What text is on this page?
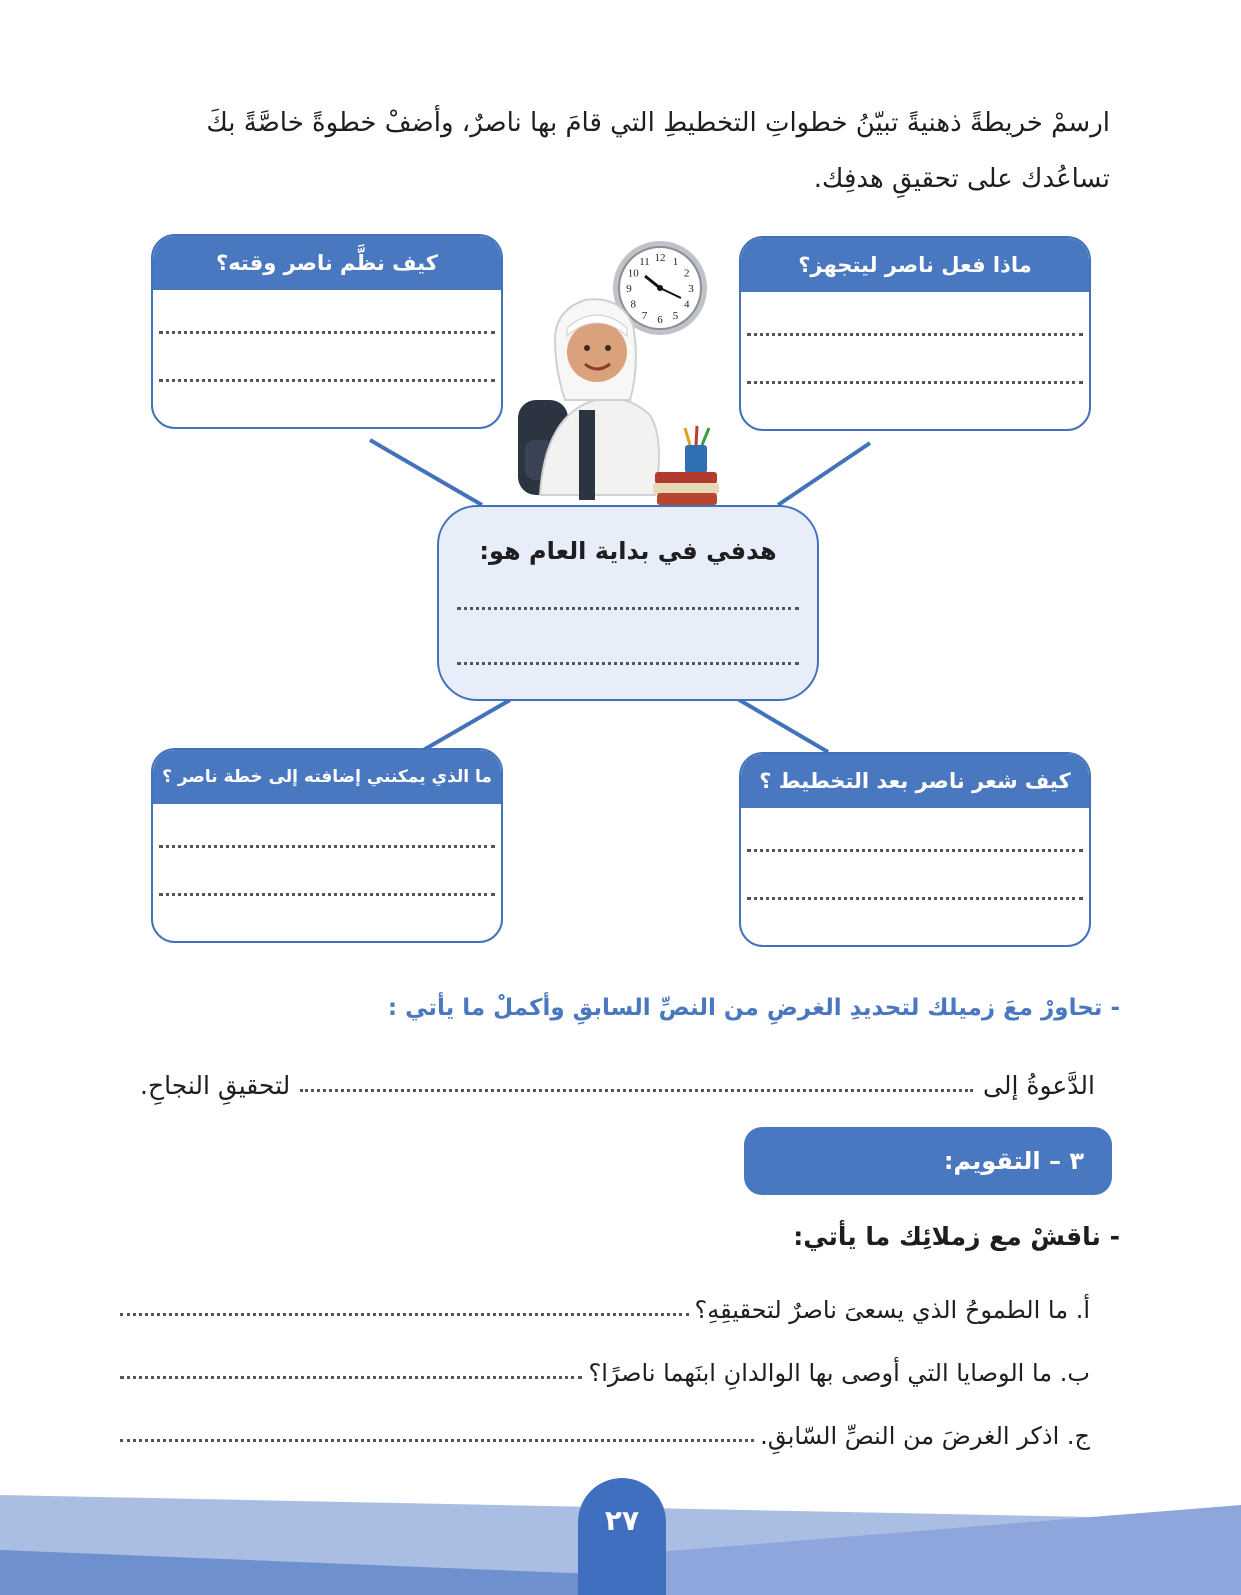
ارسمْ خريطةً ذهنيةً تبيّنُ خطواتِ التخطيطِ التي قامَ بها ناصرٌ، وأضفْ خطوةً خاصَّةً بكَ تساعُدك على تحقيقِ هدفِك.
كيف نظَّم ناصر وقته؟	ماذا فعل ناصر ليتجهز؟
ما الذي يمكنني إضافته إلى خطة ناصر ؟	كيف شعر ناصر بعد التخطيط ؟
هدفي في بداية العام هو:
12 1
2
3
4
5
6
7
8
9
10
11
- تحاورْ معَ زميلك لتحديدِ الغرضِ من النصِّ السابقِ وأكملْ ما يأتي :
الدَّعوةُ إلى
لتحقيقِ النجاحِ.
٣ – التقويم:
- ناقشْ مع زملائِك ما يأتي:
أ. ما الطموحُ الذي يسعىَ ناصرٌ لتحقيقِهِ؟
ب. ما الوصايا التي أوصى بها الوالدانِ ابنَهما ناصرًا؟
ج. اذكر الغرضَ من النصِّ السّابقِ.
٢٧
